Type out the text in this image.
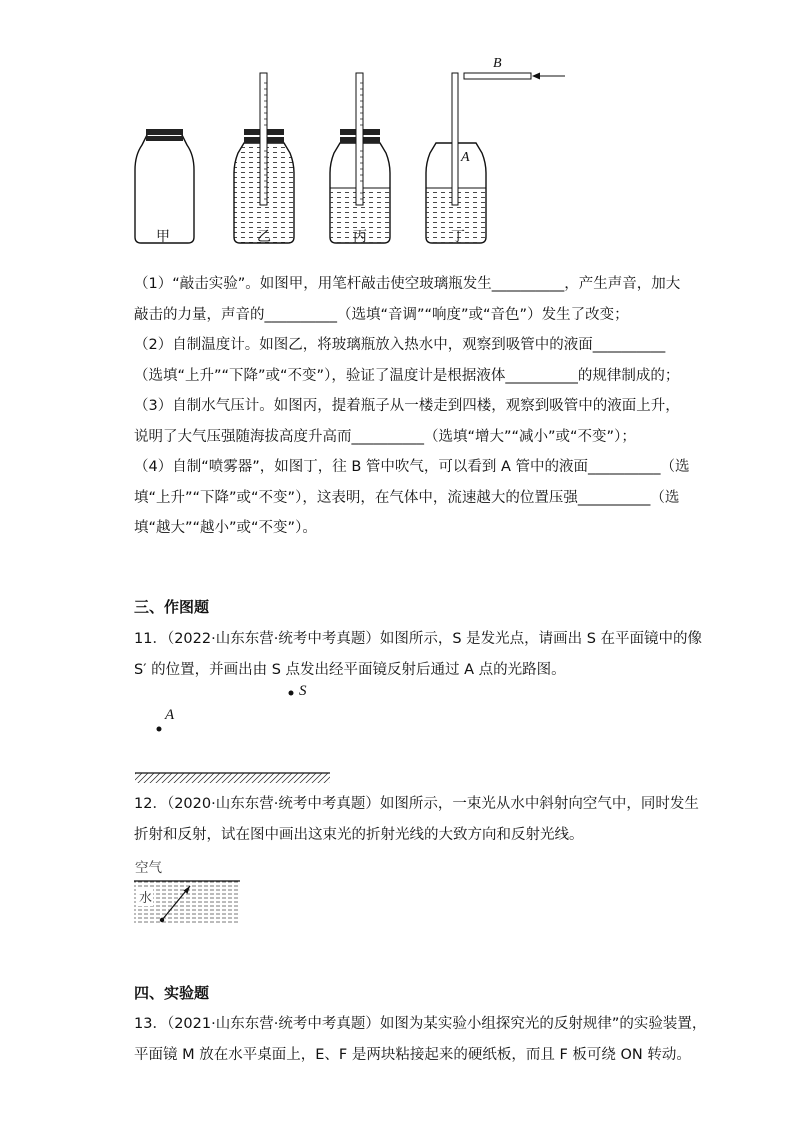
甲	乙	丙	丁
A
B

（1）“敲击实验”。如图甲，用笔杆敲击使空玻璃瓶发生__________，产生声音，加大

敲击的力量，声音的__________（选填“音调”“响度”或“音色”）发生了改变；

（2）自制温度计。如图乙，将玻璃瓶放入热水中，观察到吸管中的液面__________

（选填“上升”“下降”或“不变”），验证了温度计是根据液体__________的规律制成的；

（3）自制水气压计。如图丙，提着瓶子从一楼走到四楼，观察到吸管中的液面上升，

说明了大气压强随海拔高度升高而__________（选填“增大”“减小”或“不变”）；

（4）自制“喷雾器”，如图丁，往 B 管中吹气，可以看到 A 管中的液面__________（选

填“上升”“下降”或“不变”），这表明，在气体中，流速越大的位置压强__________（选

填“越大”“越小”或“不变”）。

三、作图题

11．（2022·山东东营·统考中考真题）如图所示，S 是发光点，请画出 S 在平面镜中的像

S′ 的位置，并画出由 S 点发出经平面镜反射后通过 A 点的光路图。

S
A

12．（2020·山东东营·统考中考真题）如图所示，一束光从水中斜射向空气中，同时发生

折射和反射，试在图中画出这束光的折射光线的大致方向和反射光线。

空气
水
四、实验题

13．（2021·山东东营·统考中考真题）如图为某实验小组探究光的反射规律”的实验装置，

平面镜 M 放在水平桌面上，E、F 是两块粘接起来的硬纸板，而且 F 板可绕 ON 转动。
